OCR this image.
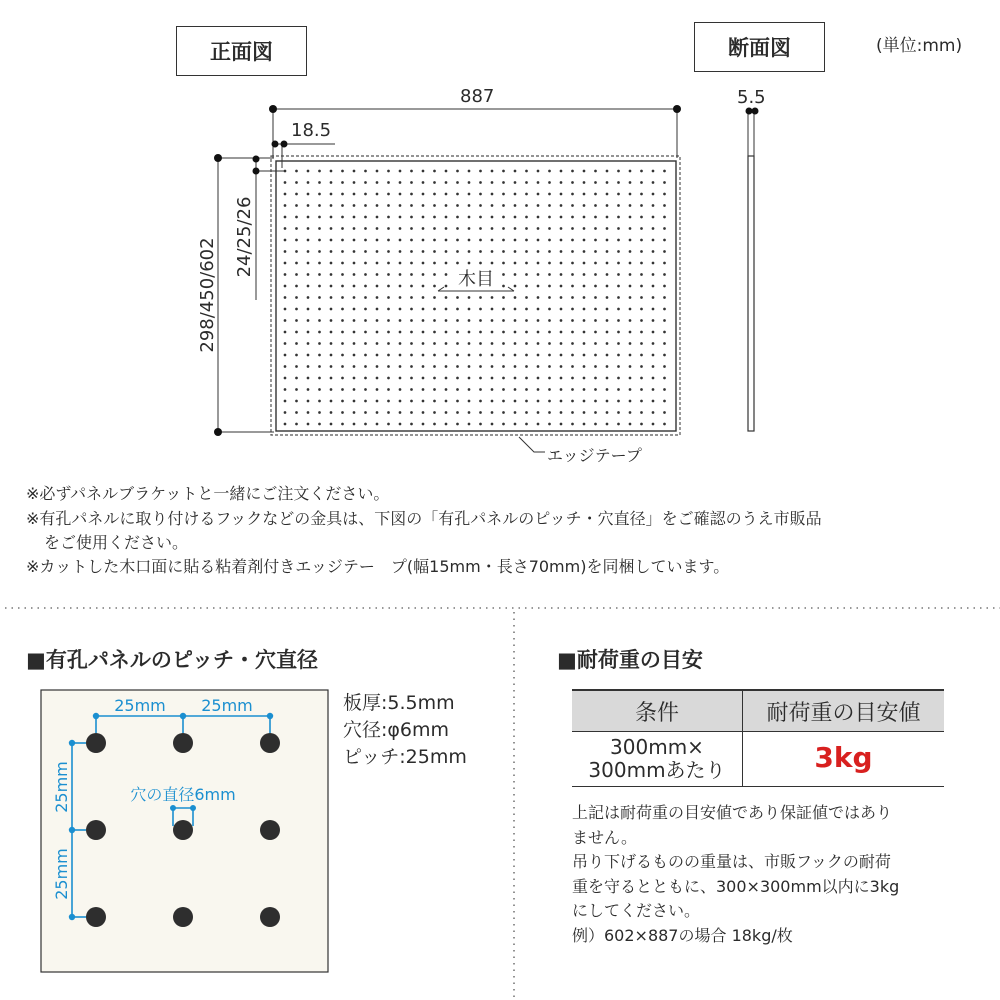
正面図	断面図	(単位:mm)
298/450/602
24/25/26
25mm 25mm
25mm
25mm
穴の直径6mm
887
18.5
5.5
木目
エッジテープ
※必ずパネルブラケットと一緒にご注文ください。
※有孔パネルに取り付けるフックなどの金具は、下図の「有孔パネルのピッチ・穴直径」をご確認のうえ市販品
をご使用ください。
※カットした木口面に貼る粘着剤付きエッジテー　プ(幅15mm・長さ70mm)を同梱しています。
■有孔パネルのピッチ・穴直径
板厚:5.5mm
穴径:φ6mm
ピッチ:25mm
■耐荷重の目安
条件	耐荷重の目安値

300mm×
300mmあたり	3kg
上記は耐荷重の目安値であり保証値ではあり
ません。
吊り下げるものの重量は、市販フックの耐荷
重を守るとともに、300×300mm以内に3kg
にしてください。
例）602×887の場合 18kg/枚
